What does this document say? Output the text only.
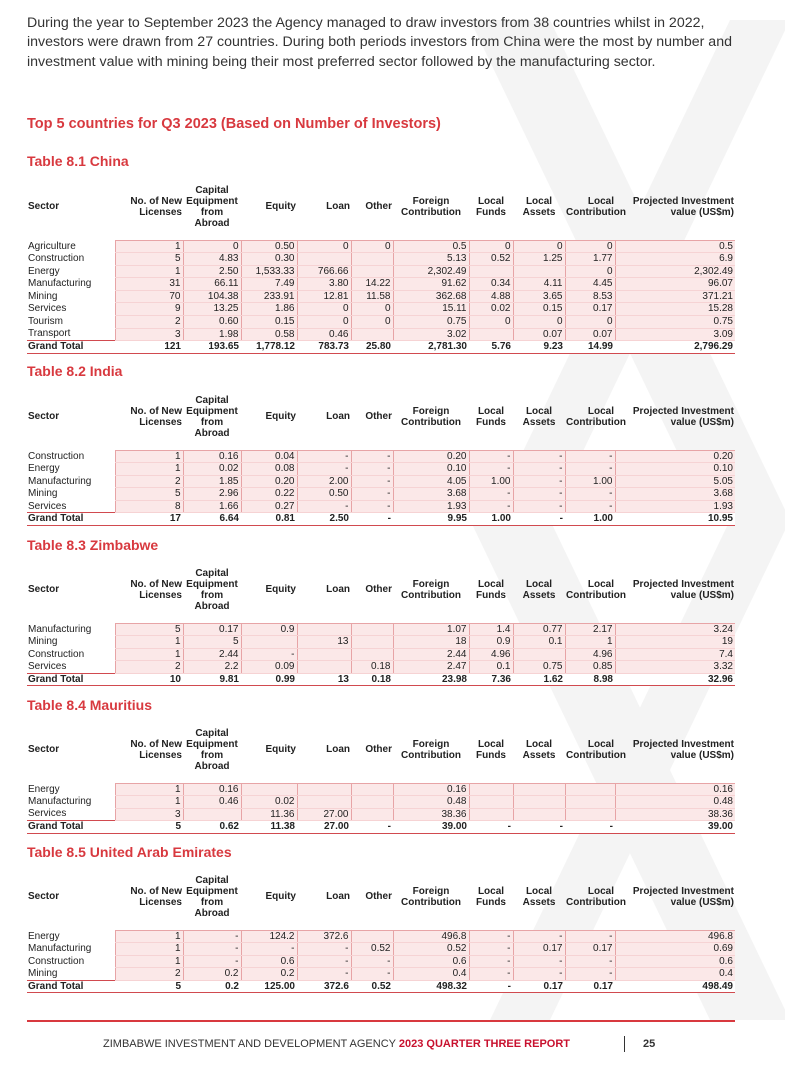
During the year to September 2023 the Agency managed to draw investors from 38 countries whilst in 2022, investors were drawn from 27 countries. During both periods investors from China were the most by number and investment value with mining being their most preferred sector followed by the manufacturing sector.

Top 5 countries for Q3 2023 (Based on Number of Investors)
Table 8.1 China
Sector	No. of New Licenses	Capital Equipment from Abroad	Equity	Loan	Other	Foreign Contribution	Local Funds	Local Assets	Local Contribution	Projected Investment value (US$m)

Agriculture	1	0	0.50	0	0	0.5	0	0	0	0.5
Construction	5	4.83	0.30			5.13	0.52	1.25	1.77	6.9
Energy	1	2.50	1,533.33	766.66		2,302.49			0	2,302.49
Manufacturing	31	66.11	7.49	3.80	14.22	91.62	0.34	4.11	4.45	96.07
Mining	70	104.38	233.91	12.81	11.58	362.68	4.88	3.65	8.53	371.21
Services	9	13.25	1.86	0	0	15.11	0.02	0.15	0.17	15.28
Tourism	2	0.60	0.15	0	0	0.75	0	0	0	0.75
Transport	3	1.98	0.58	0.46		3.02		0.07	0.07	3.09
Grand Total	121	193.65	1,778.12	783.73	25.80	2,781.30	5.76	9.23	14.99	2,796.29
Table 8.2 India
Sector	No. of New Licenses	Capital Equipment from Abroad	Equity	Loan	Other	Foreign Contribution	Local Funds	Local Assets	Local Contribution	Projected Investment value (US$m)

Construction	1	0.16	0.04	-	-	0.20	-	-	-	0.20
Energy	1	0.02	0.08	-	-	0.10	-	-	-	0.10
Manufacturing	2	1.85	0.20	2.00	-	4.05	1.00	-	1.00	5.05
Mining	5	2.96	0.22	0.50	-	3.68	-	-	-	3.68
Services	8	1.66	0.27	-	-	1.93	-	-	-	1.93
Grand Total	17	6.64	0.81	2.50	-	9.95	1.00	-	1.00	10.95
Table 8.3 Zimbabwe
Sector	No. of New Licenses	Capital Equipment from Abroad	Equity	Loan	Other	Foreign Contribution	Local Funds	Local Assets	Local Contribution	Projected Investment value (US$m)

Manufacturing	5	0.17	0.9			1.07	1.4	0.77	2.17	3.24
Mining	1	5		13		18	0.9	0.1	1	19
Construction	1	2.44	-			2.44	4.96		4.96	7.4
Services	2	2.2	0.09		0.18	2.47	0.1	0.75	0.85	3.32
Grand Total	10	9.81	0.99	13	0.18	23.98	7.36	1.62	8.98	32.96
Table 8.4 Mauritius
Sector	No. of New Licenses	Capital Equipment from Abroad	Equity	Loan	Other	Foreign Contribution	Local Funds	Local Assets	Local Contribution	Projected Investment value (US$m)

Energy	1	0.16				0.16				0.16
Manufacturing	1	0.46	0.02			0.48				0.48
Services	3		11.36	27.00		38.36				38.36
Grand Total	5	0.62	11.38	27.00	-	39.00	-	-	-	39.00
Table 8.5 United Arab Emirates
Sector	No. of New Licenses	Capital Equipment from Abroad	Equity	Loan	Other	Foreign Contribution	Local Funds	Local Assets	Local Contribution	Projected Investment value (US$m)

Energy	1	-	124.2	372.6		496.8	-	-	-	496.8
Manufacturing	1	-	-	-	0.52	0.52	-	0.17	0.17	0.69
Construction	1	-	0.6	-	-	0.6	-	-	-	0.6
Mining	2	0.2	0.2	-	-	0.4	-	-	-	0.4
Grand Total	5	0.2	125.00	372.6	0.52	498.32	-	0.17	0.17	498.49
ZIMBABWE INVESTMENT AND DEVELOPMENT AGENCY 2023 QUARTER THREE REPORT	25
